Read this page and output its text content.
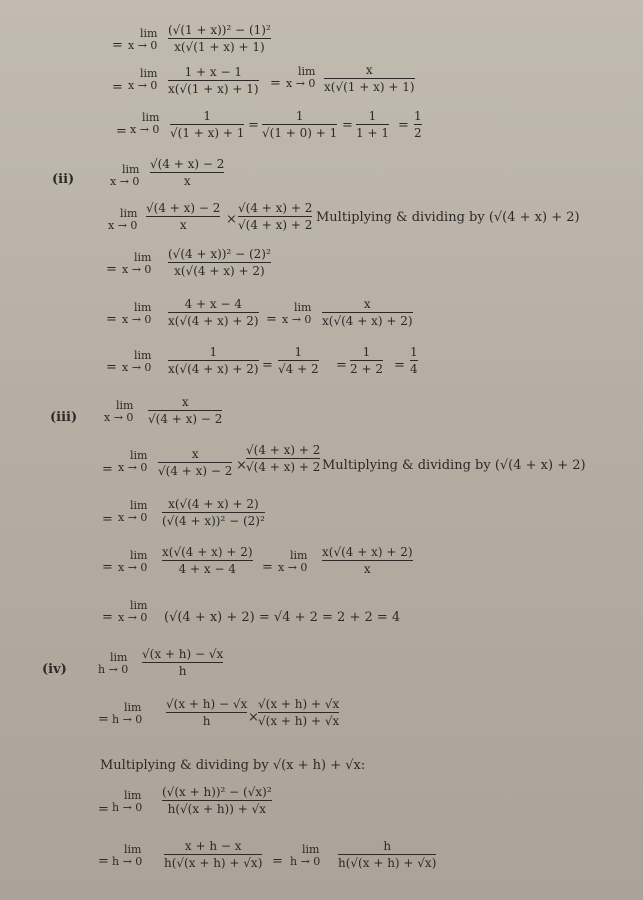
=
lim
x → 0
(√(1 + x))² − (1)²
x(√(1 + x) + 1)
=
lim
x → 0
1 + x − 1
x(√(1 + x) + 1) =
lim
x → 0
x
x(√(1 + x) + 1)
=
lim
x → 0
1
√(1 + x) + 1 =
1
√(1 + 0) + 1 =
1
1 + 1 =
1
2
(ii)
lim
x → 0
√(4 + x) − 2
x
lim
x → 0
√(4 + x) − 2
x	×
√(4 + x) + 2
√(4 + x) + 2 Multiplying & dividing by (√(4 + x) + 2)
=
lim
x → 0
(√(4 + x))² − (2)²
x(√(4 + x) + 2)
=
lim
x → 0
4 + x − 4
x(√(4 + x) + 2) =
lim
x → 0
x
x(√(4 + x) + 2)
=
lim
x → 0
1
x(√(4 + x) + 2) =
1
√4 + 2 =
1
2 + 2 =
1
4
(iii)
lim
x → 0
x
√(4 + x) − 2
=
lim
x → 0
x
√(4 + x) − 2 ×
√(4 + x) + 2
√(4 + x) + 2 Multiplying & dividing by (√(4 + x) + 2)
=
lim
x → 0
x(√(4 + x) + 2)
(√(4 + x))² − (2)²
=
lim
x → 0
x(√(4 + x) + 2)
4 + x − 4 =
lim
x → 0
x(√(4 + x) + 2)
x
=
lim
x → 0 (√(4 + x) + 2) = √4 + 2 = 2 + 2 = 4
(iv)
lim
h → 0
√(x + h) − √x
h
=
lim
h → 0
√(x + h) − √x
h	×
√(x + h) + √x
√(x + h) + √x
Multiplying & dividing by √(x + h) + √x:
=
lim
h → 0
(√(x + h))² − (√x)²
h(√(x + h)) + √x
=
lim
h → 0
x + h − x
h(√(x + h) + √x) =
lim
h → 0
h
h(√(x + h) + √x)
